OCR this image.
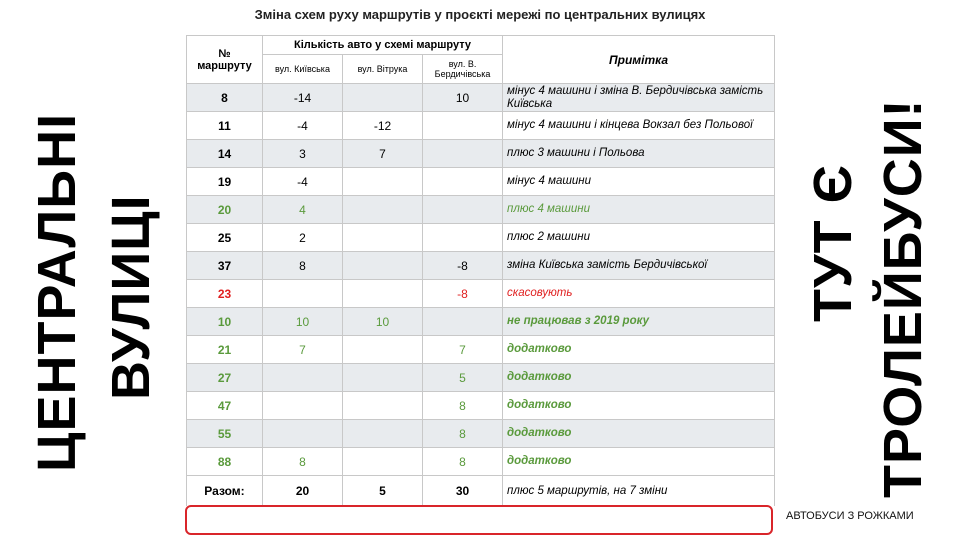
Зміна схем руху маршрутів у проєкті мережі по центральних вулицях
ЦЕНТРАЛЬНІ ВУЛИЦІ	ТУТ Є ТРОЛЕЙБУСИ!
АВТОБУСИ З РОЖКАМИ
№ маршруту	Кількість авто у схемі маршруту			Примітка
	вул. Київська	вул. Вітрука	вул. В. Бердичівська	
8	-14		10	мінус 4 машини і зміна В. Бердичівська замість Київська
11	-4	-12		мінус 4 машини і кінцева Вокзал без Польової
14	3	7		плюс 3 машини і Польова
19	-4			мінус 4 машини
20	4			плюс 4 машини
25	2			плюс 2 машини
37	8		-8	зміна Київська замість Бердичівської
23			-8	скасовують
10	10	10		не працював з 2019 року
21	7		7	додатково
27			5	додатково
47			8	додатково
55			8	додатково
88	8		8	додатково
Разом:	20	5	30	плюс 5 маршрутів, на 7 зміни
